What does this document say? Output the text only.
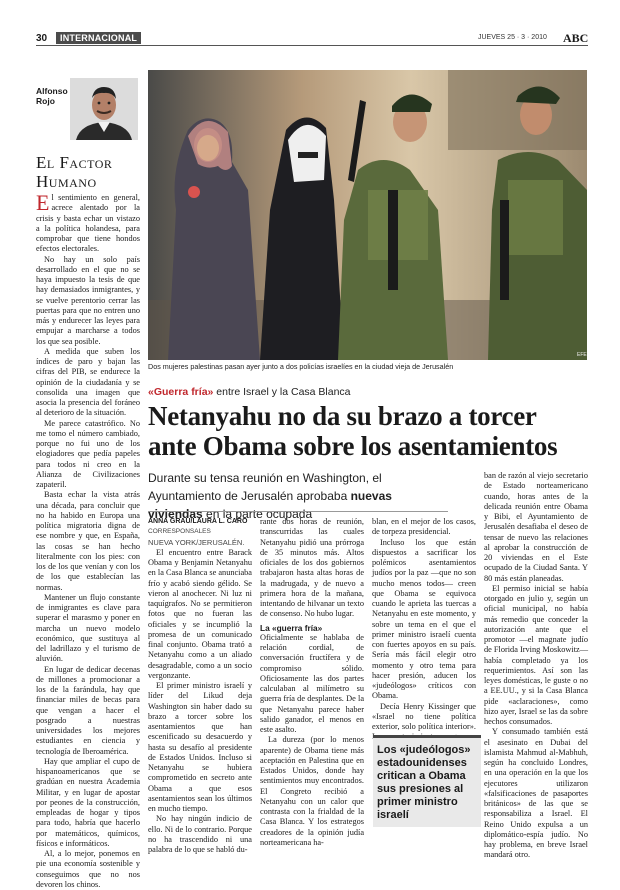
30	INTERNACIONAL	JUEVES 25 · 3 · 2010 ABC
Alfonso Rojo
El Factor
Humano

El sentimiento en general, acrece alentado por la crisis y basta echar un vistazo a la política holandesa, para comprobar que tiene hondos efectos electorales.

No hay un solo país desarrollado en el que no se haya impuesto la tesis de que hay demasiados inmigrantes, y se vuelve perentorio cerrar las puertas para que no entren uno más y endurecer las leyes para empujar a marcharse a todos los que sea posible.

A medida que suben los índices de paro y bajan las cifras del PIB, se endurece la opinión de la ciudadanía y se consolida una imagen que asocia la presencia del foráneo al deterioro de la situación.

Me parece catastrófico. No me tomo el número cambiado, porque no fui uno de los elogiadores que pedía papeles para todos ni creo en la Alianza de Civilizaciones zapateril.

Basta echar la vista atrás una década, para concluir que no ha habido en Europa una política migratoria digna de ese nombre y que, en España, las cosas se han hecho literalmente con los pies: con los de los que venían y con los de los que establecían las normas.

Mantener un flujo constante de inmigrantes es clave para superar el marasmo y poner en marcha un nuevo modelo económico, que sustituya al del ladrillazo y el turismo de aluvión.

En lugar de dedicar decenas de millones a promocionar a los de la farándula, hay que financiar miles de becas para que vengan a hacer el posgrado a nuestras universidades los mejores estudiantes en ciencia y tecnología de Iberoamérica.

Hay que ampliar el cupo de hispanoamericanos que se gradúan en nuestra Academia Militar, y en lugar de apostar por peones de la construcción, empleadas de hogar y tipos para todo, habría que hacerlo por matemáticos, químicos, físicos e informáticos.

Al, a lo mejor, ponemos en pie una economía sostenible y conseguimos que no nos devoren los chinos.

EFE
Dos mujeres palestinas pasan ayer junto a dos policías israelíes en la ciudad vieja de Jerusalén
«Guerra fría» entre Israel y la Casa Blanca
Netanyahu no da su brazo a torcer ante Obama sobre los asentamientos
Durante su tensa reunión en Washington, el Ayuntamiento de Jerusalén aprobaba nuevas viviendas en la parte ocupada
ANNA GRAU/LAURA L. CARO
CORRESPONSALES
NUEVA YORK/JERUSALÉN.

El encuentro entre Barack Obama y Benjamin Netanyahu en la Casa Blanca se anunciaba frío y acabó siendo gélido. Se vieron al anochecer. Ni luz ni taquígrafos. No se permitieron fotos que no fueran las oficiales y se incumplió la promesa de un comunicado final conjunto. Obama trató a Netanyahu como a un aliado desagradable, como a un socio vergonzante.

El primer ministro israelí y líder del Likud deja Washington sin haber dado su brazo a torcer sobre los asentamientos que han escenificado su desacuerdo y hasta su desafío al presidente de Estados Unidos. Incluso si Netanyahu se hubiera comprometido en secreto ante Obama a que esos asentamientos sean los últimos en mucho tiempo.

No hay ningún indicio de ello. Ni de lo contrario. Porque no ha trascendido ni una palabra de lo que se habló du-

rante dos horas de reunión, transcurridas las cuales Netanyahu pidió una prórroga de 35 minutos más. Altos oficiales de los dos gobiernos trabajaron hasta altas horas de la madrugada, y de nuevo a primera hora de la mañana, intentando de hilvanar un texto de consenso. No hubo lugar.

La «guerra fría»

Oficialmente se hablaba de relación cordial, de conversación fructífera y de compromiso sólido. Oficiosamente las dos partes calculaban al milímetro su guerra fría de desplantes. De la que Netanyahu parece haber salido ganador, el menos en este asalto.

La dureza (por lo menos aparente) de Obama tiene más aceptación en Palestina que en Estados Unidos, donde hay sentimientos muy encontrados. El Congreto recibió a Netanyahu con un calor que contrasta con la frialdad de la Casa Blanca. Y los estrategos creadores de la opinión judía norteamericana ha-

blan, en el mejor de los casos, de torpeza presidencial.

Incluso los que están dispuestos a sacrificar los polémicos asentamientos judíos por la paz —que no son mucho menos todos— creen que Obama se equivoca cuando le aprieta las tuercas a Netanyahu en este momento, y sobre un tema en el que el primer ministro israelí cuenta con fuertes apoyos en su país. Sería más fácil elegir otro momento y otro tema para hacer presión, aducen los «judeólogos» críticos con Obama.

Decía Henry Kissinger que «Israel no tiene política exterior, solo política interior».

Los «judeólogos» estadounidenses critican a Obama sus presiones al primer ministro israelí

ban de razón al viejo secretario de Estado norteamericano cuando, horas antes de la delicada reunión entre Obama y Bibi, el Ayuntamiento de Jerusalén desafiaba el deseo de tensar de nuevo las relaciones al aprobar la construcción de 20 viviendas en el Este ocupado de la Ciudad Santa. Y 80 más están planeadas.

El permiso inicial se había otorgado en julio y, según un oficial municipal, no había más remedio que conceder la autorización ante que el promotor —el magnate judío de Florida Irving Moskowitz— había completado ya los requerimientos. Así son las leyes domésticas, le guste o no a EE.UU., y si la Casa Blanca pide «aclaraciones», como hizo ayer, Israel se las da sobre hechos consumados.

Y consumado también está el asesinato en Dubai del islamista Mahmud al-Mabhuh, según ha concluido Londres, en una operación en la que los ejecutores utilizaron «falsificaciones de pasaportes británicos» de las que se responsabiliza a Israel. El Reino Unido expulsa a un diplomático-espía judío. No hay problema, en breve Israel mandará otro.
